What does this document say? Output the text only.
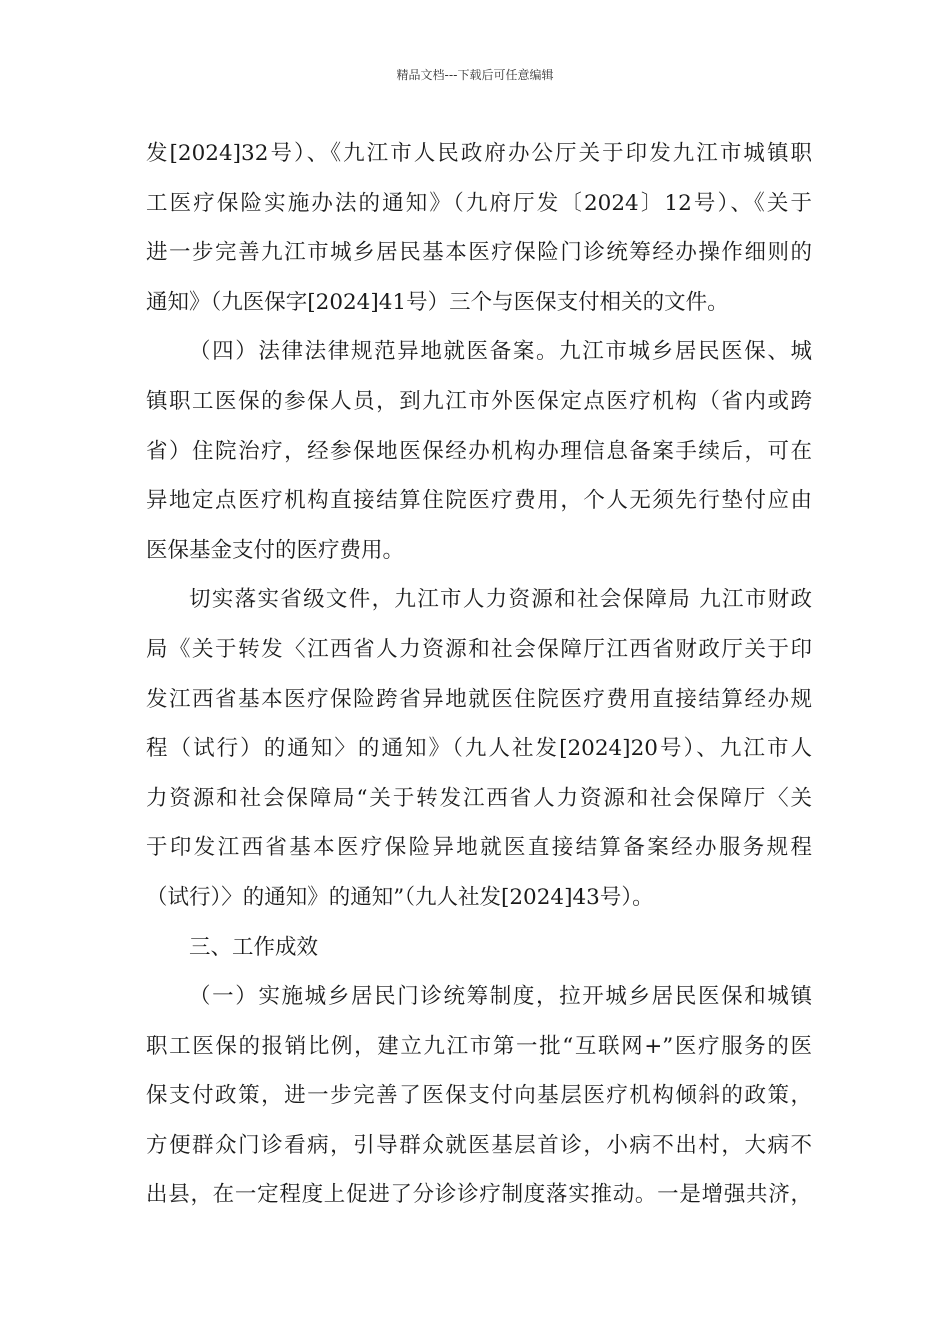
精品文档---下载后可任意编辑
发[2024]32号）、《九江市人民政府办公厅关于印发九江市城镇职
工医疗保险实施办法的通知》（九府厅发〔2024〕12号）、《关于
进一步完善九江市城乡居民基本医疗保险门诊统筹经办操作细则的
通知》（九医保字[2024]41号）三个与医保支付相关的文件。
（四）法律法律规范异地就医备案。九江市城乡居民医保、城
镇职工医保的参保人员，到九江市外医保定点医疗机构（省内或跨
省）住院治疗，经参保地医保经办机构办理信息备案手续后，可在
异地定点医疗机构直接结算住院医疗费用，个人无须先行垫付应由
医保基金支付的医疗费用。
切实落实省级文件，九江市人力资源和社会保障局 九江市财政
局《关于转发〈江西省人力资源和社会保障厅江西省财政厅关于印
发江西省基本医疗保险跨省异地就医住院医疗费用直接结算经办规
程（试行）的通知〉的通知》（九人社发[2024]20号）、九江市人
力资源和社会保障局“关于转发江西省人力资源和社会保障厅〈关
于印发江西省基本医疗保险异地就医直接结算备案经办服务规程
（试行）〉的通知》的通知”（九人社发[2024]43号）。
三、工作成效
（一）实施城乡居民门诊统筹制度，拉开城乡居民医保和城镇
职工医保的报销比例，建立九江市第一批“互联网+”医疗服务的医
保支付政策，进一步完善了医保支付向基层医疗机构倾斜的政策，
方便群众门诊看病，引导群众就医基层首诊，小病不出村，大病不
出县，在一定程度上促进了分诊诊疗制度落实推动。一是增强共济，
